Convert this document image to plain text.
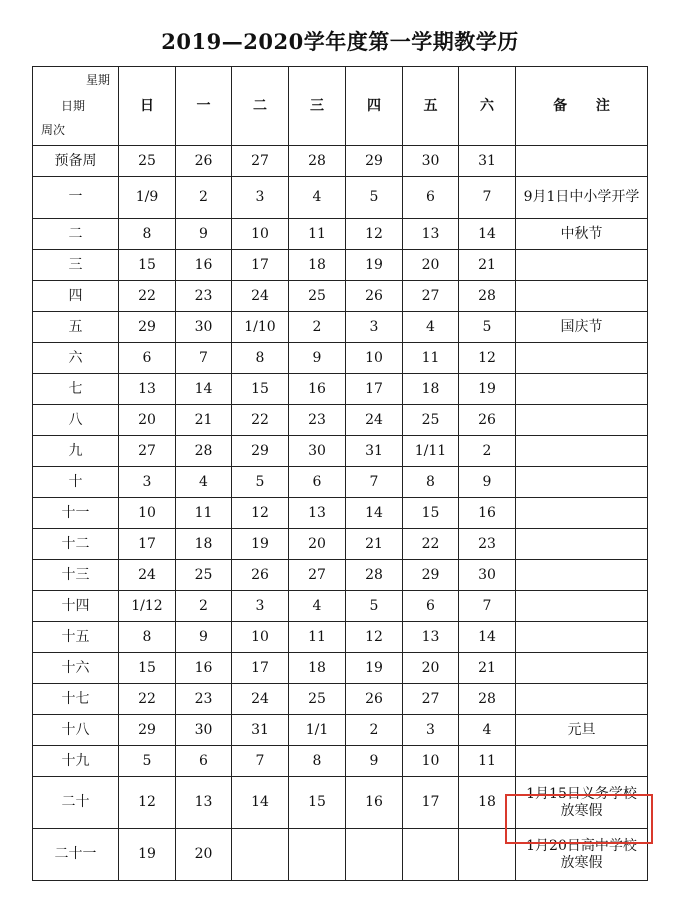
2019—2020学年度第一学期教学历
星期
日期
周次	日	一	二	三	四	五	六	备 注
预备周	25	26	27	28	29	30	31	
一	1/9	2	3	4	5	6	7	9月1日中小学开学
二	8	9	10	11	12	13	14	中秋节
三	15	16	17	18	19	20	21	
四	22	23	24	25	26	27	28	
五	29	30	1/10	2	3	4	5	国庆节
六	6	7	8	9	10	11	12	
七	13	14	15	16	17	18	19	
八	20	21	22	23	24	25	26	
九	27	28	29	30	31	1/11	2	
十	3	4	5	6	7	8	9	
十一	10	11	12	13	14	15	16	
十二	17	18	19	20	21	22	23	
十三	24	25	26	27	28	29	30	
十四	1/12	2	3	4	5	6	7	
十五	8	9	10	11	12	13	14	
十六	15	16	17	18	19	20	21	
十七	22	23	24	25	26	27	28	
十八	29	30	31	1/1	2	3	4	元旦
十九	5	6	7	8	9	10	11	
二十	12	13	14	15	16	17	18	1月15日义务学校放寒假
二十一	19	20						1月20日高中学校放寒假
